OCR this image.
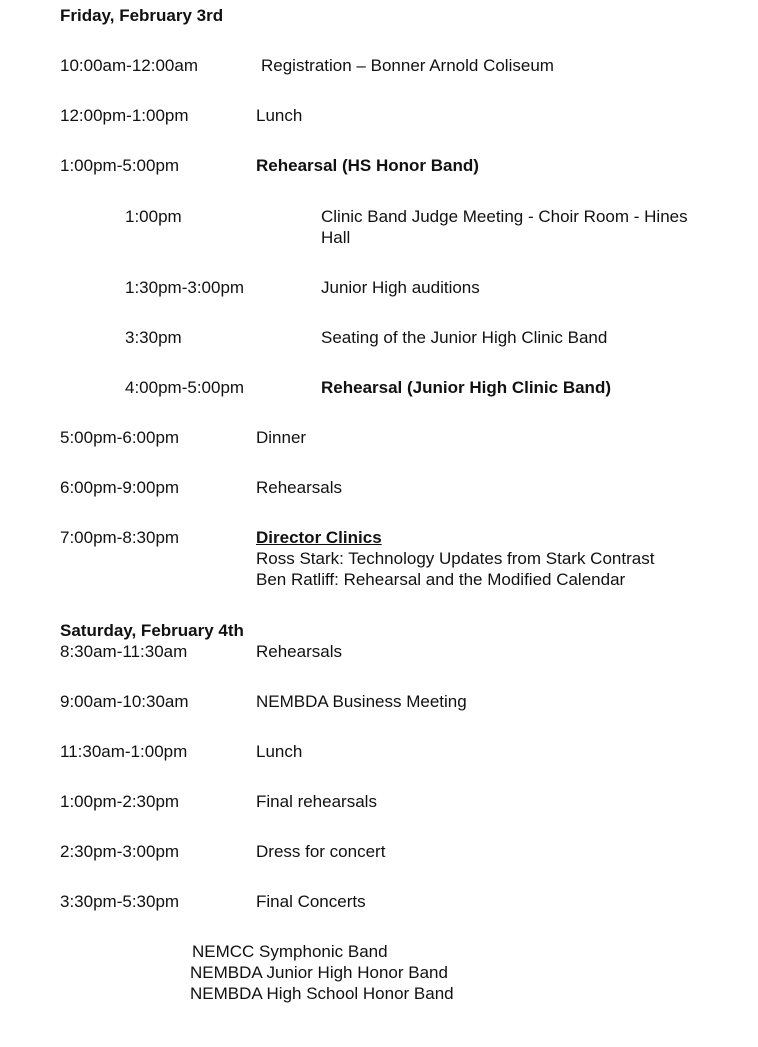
Friday, February 3rd
10:00am-12:00am	Registration – Bonner Arnold Coliseum
12:00pm-1:00pm	Lunch
1:00pm-5:00pm	Rehearsal (HS Honor Band)
1:00pm	Clinic Band Judge Meeting - Choir Room - Hines Hall
1:30pm-3:00pm	Junior High auditions
3:30pm	Seating of the Junior High Clinic Band
4:00pm-5:00pm	Rehearsal (Junior High Clinic Band)
5:00pm-6:00pm	Dinner
6:00pm-9:00pm	Rehearsals
7:00pm-8:30pm	Director Clinics
Ross Stark: Technology Updates from Stark Contrast
Ben Ratliff: Rehearsal and the Modified Calendar
Saturday, February 4th
8:30am-11:30am	Rehearsals
9:00am-10:30am	NEMBDA Business Meeting
11:30am-1:00pm	Lunch
1:00pm-2:30pm	Final rehearsals
2:30pm-3:00pm	Dress for concert
3:30pm-5:30pm	Final Concerts
NEMCC Symphonic Band
NEMBDA Junior High Honor Band
NEMBDA High School Honor Band
